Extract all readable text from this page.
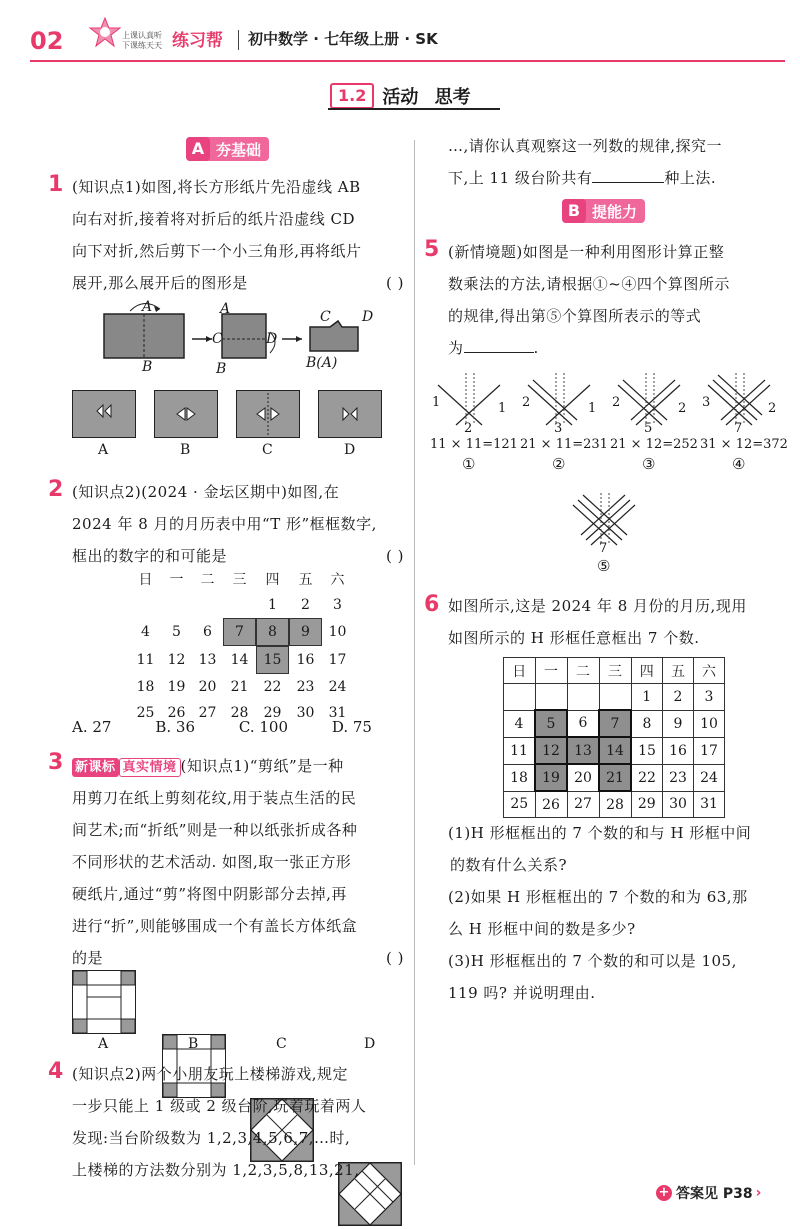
02	上课认真听
下课练天天 练习帮 初中数学 · 七年级上册 · SK
1.2 活动 思考
A 夯基础
1 (知识点1)如图,将长方形纸片先沿虚线 AB
向右对折,接着将对折后的纸片沿虚线 CD
向下对折,然后剪下一个小三角形,再将纸片
展开,那么展开后的图形是	( )
A
B
A
C	D
B
C D
B(A)
A	B	C	D
2 (知识点2)(2024 · 金坛区期中)如图,在
2024 年 8 月的月历表中用“T 形”框框数字,
框出的数字的和可能是	( )
日	一	二	三	四	五	六
				1	2	3
4	5	6	7	8	9	10
11	12	13	14	15	16	17
18	19	20	21	22	23	24
25	26	27	28	29	30	31
A. 27	B. 36	C. 100	D. 75
3 新课标 真实情境 (知识点1)“剪纸”是一种
用剪刀在纸上剪刻花纹,用于装点生活的民
间艺术;而“折纸”则是一种以纸张折成各种
不同形状的艺术活动. 如图,取一张正方形
硬纸片,通过“剪”将图中阴影部分去掉,再
进行“折”,则能够围成一个有盖长方体纸盒
的是	( )
A	B	C	D
4 (知识点2)两个小朋友玩上楼梯游戏,规定
一步只能上 1 级或 2 级台阶,玩着玩着两人
发现:当台阶级数为 1,2,3,4,5,6,7,…时,
上楼梯的方法数分别为 1,2,3,5,8,13,21,
…,请你认真观察这一列数的规律,探究一
下,上 11 级台阶共有	种上法.
B 提能力
5 (新情境题)如图是一种利用图形计算正整
数乘法的方法,请根据①~④四个算图所示
的规律,得出第⑤个算图所表示的等式
为	.
1	1
2
11 × 11=121
①
2	1
3
21 × 11=231
②
2	2
5
21 × 12=252
③
3	2
7
31 × 12=372
④
7
⑤
6 如图所示,这是 2024 年 8 月份的月历,现用
如图所示的 H 形框任意框出 7 个数.
日	一	二	三	四	五	六
				1	2	3
4	5	6	7	8	9	10
11	12	13	14	15	16	17
18	19	20	21	22	23	24
25	26	27	28	29	30	31
(1)H 形框框出的 7 个数的和与 H 形框中间
的数有什么关系?
(2)如果 H 形框框出的 7 个数的和为 63,那
么 H 形框中间的数是多少?
(3)H 形框框出的 7 个数的和可以是 105,
119 吗? 并说明理由.
+ 答案见 P38 ›
